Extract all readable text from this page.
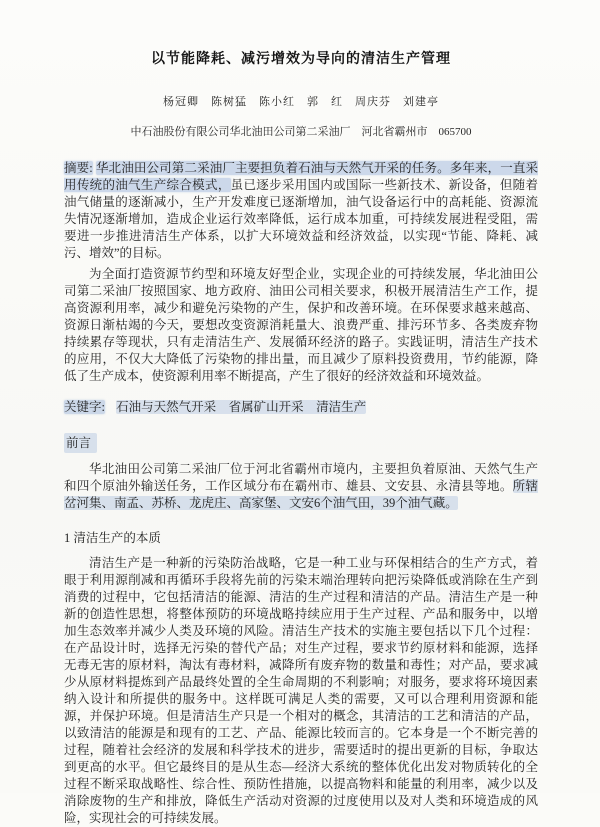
以节能降耗、减污增效为导向的清洁生产管理
杨冠卿　陈树猛　陈小红　郭　红　周庆芬　刘建亭
中石油股份有限公司华北油田公司第二采油厂　河北省霸州市　065700

摘要: 华北油田公司第二采油厂主要担负着石油与天然气开采的任务。多年来，一直采用传统的油气生产综合模式，虽已逐步采用国内或国际一些新技术、新设备，但随着油气储量的逐渐减小，生产开发难度已逐渐增加，油气设备运行中的高耗能、资源流失情况逐渐增加，造成企业运行效率降低，运行成本加重，可持续发展进程受阻，需要进一步推进清洁生产体系，以扩大环境效益和经济效益，以实现“节能、降耗、减污、增效”的目标。

为全面打造资源节约型和环境友好型企业，实现企业的可持续发展，华北油田公司第二采油厂按照国家、地方政府、油田公司相关要求，积极开展清洁生产工作，提高资源利用率，减少和避免污染物的产生，保护和改善环境。在环保要求越来越高、资源日渐枯竭的今天，要想改变资源消耗量大、浪费严重、排污环节多、各类废弃物持续累存等现状，只有走清洁生产、发展循环经济的路子。实践证明，清洁生产技术的应用，不仅大大降低了污染物的排出量，而且减少了原料投资费用，节约能源，降低了生产成本，使资源利用率不断提高，产生了很好的经济效益和环境效益。

关键字: 石油与天然气开采　省属矿山开采　清洁生产

前言

华北油田公司第二采油厂位于河北省霸州市境内，主要担负着原油、天然气生产和四个原油外输送任务，工作区域分布在霸州市、雄县、文安县、永清县等地。所辖岔河集、南孟、苏桥、龙虎庄、高家堡、文安6个油气田，39个油气藏。

1 清洁生产的本质

清洁生产是一种新的污染防治战略，它是一种工业与环保相结合的生产方式，着眼于利用源削减和再循环手段将先前的污染末端治理转向把污染降低或消除在生产到消费的过程中，它包括清洁的能源、清洁的生产过程和清洁的产品。清洁生产是一种新的创造性思想，将整体预防的环境战略持续应用于生产过程、产品和服务中，以增加生态效率并减少人类及环境的风险。清洁生产技术的实施主要包括以下几个过程：在产品设计时，选择无污染的替代产品；对生产过程，要求节约原材料和能源，选择无毒无害的原材料，淘汰有毒材料，减降所有废弃物的数量和毒性；对产品，要求减少从原材料提炼到产品最终处置的全生命周期的不利影响；对服务，要求将环境因素纳入设计和所提供的服务中。这样既可满足人类的需要，又可以合理利用资源和能源，并保护环境。但是清洁生产只是一个相对的概念，其清洁的工艺和清洁的产品，以致清洁的能源是和现有的工艺、产品、能源比较而言的。它本身是一个不断完善的过程，随着社会经济的发展和科学技术的进步，需要适时的提出更新的目标，争取达到更高的水平。但它最终目的是从生态—经济大系统的整体优化出发对物质转化的全过程不断采取战略性、综合性、预防性措施，以提高物料和能量的利用率，减少以及消除废物的生产和排放，降低生产活动对资源的过度使用以及对人类和环境造成的风险，实现社会的可持续发展。
